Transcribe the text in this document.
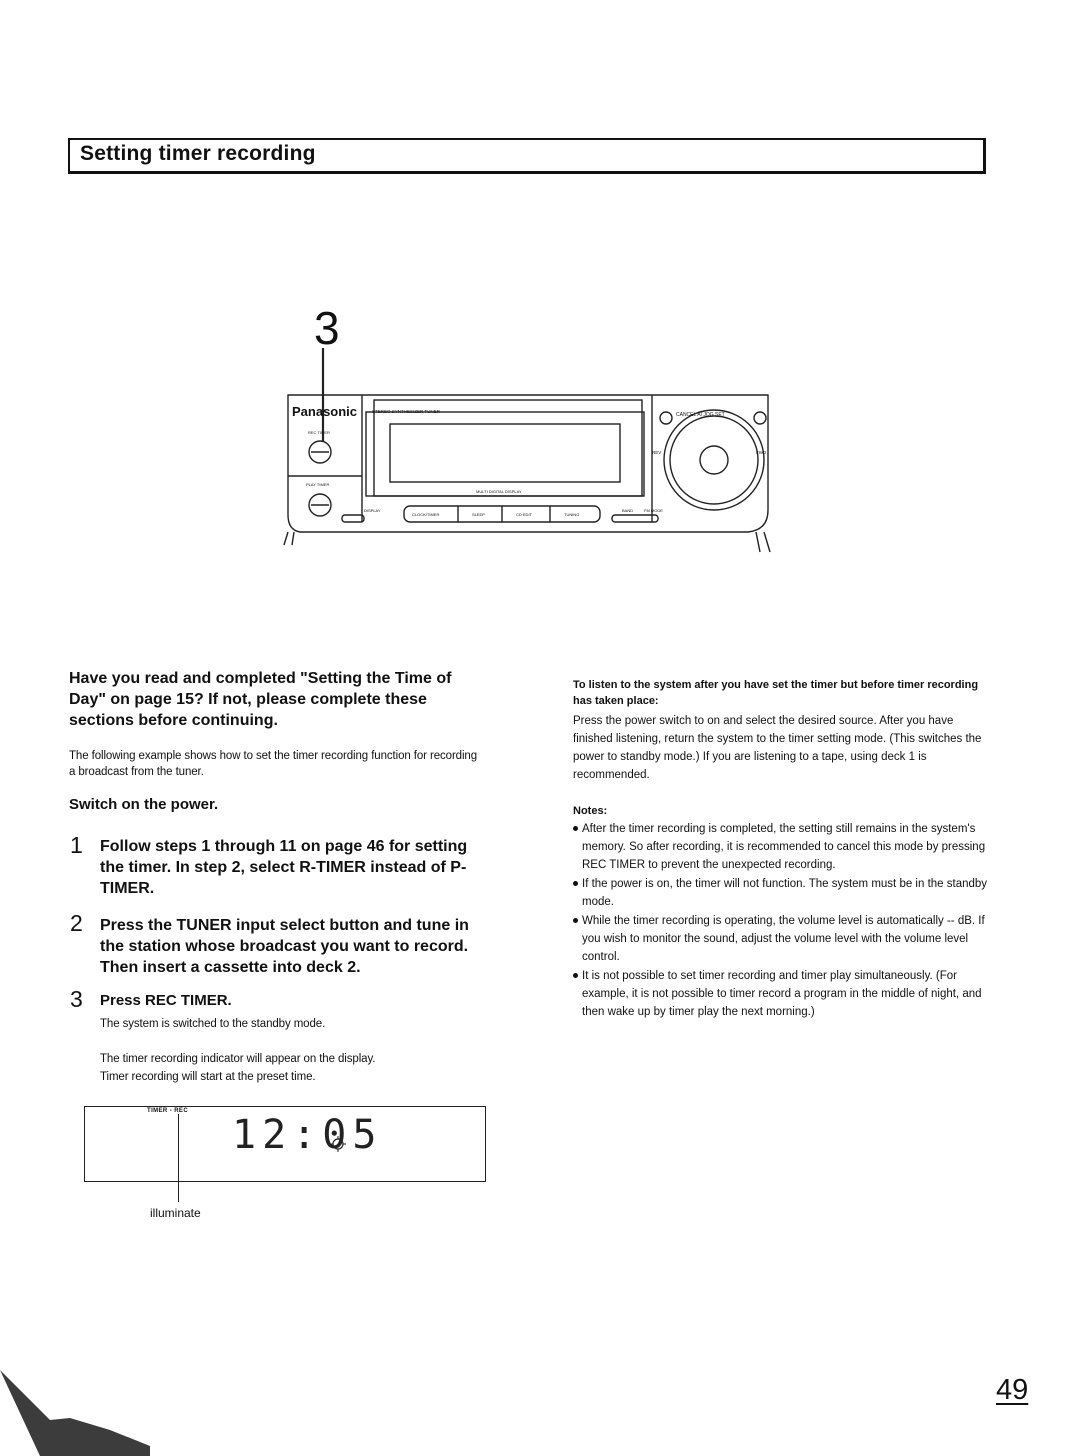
Setting timer recording
3
Panasonic	STEREO SYNTHESIZER TUNER
REC TIMER
PLAY TIMER
MULTI DIGITAL DISPLAY
CANCEL AI JOG SET
REV	FWD
DISPLAY
CLOCK/TIMER	SLEEP	CD EDIT	TUNING
BAND	FM MODE
Have you read and completed "Setting the Time of Day" on page 15? If not, please complete these sections before continuing.
The following example shows how to set the timer recording function for recording a broadcast from the tuner.
Switch on the power.
1 Follow steps 1 through 11 on page 46 for setting the timer. In step 2, select R-TIMER instead of P-TIMER.
2 Press the TUNER input select button and tune in the station whose broadcast you want to record. Then insert a cassette into deck 2.
3 Press REC TIMER.
The system is switched to the standby mode.
The timer recording indicator will appear on the display.
Timer recording will start at the preset time.
TIMER - REC
12:05
illuminate
To listen to the system after you have set the timer but before timer recording has taken place:
Press the power switch to on and select the desired source. After you have finished listening, return the system to the timer setting mode. (This switches the power to standby mode.) If you are listening to a tape, using deck 1 is recommended.
Notes:
After the timer recording is completed, the setting still remains in the system's memory. So after recording, it is recommended to cancel this mode by pressing REC TIMER to prevent the unexpected recording.
If the power is on, the timer will not function. The system must be in the standby mode.
While the timer recording is operating, the volume level is automatically -- dB. If you wish to monitor the sound, adjust the volume level with the volume level control.
It is not possible to set timer recording and timer play simultaneously. (For example, it is not possible to timer record a program in the middle of night, and then wake up by timer play the next morning.)
49
